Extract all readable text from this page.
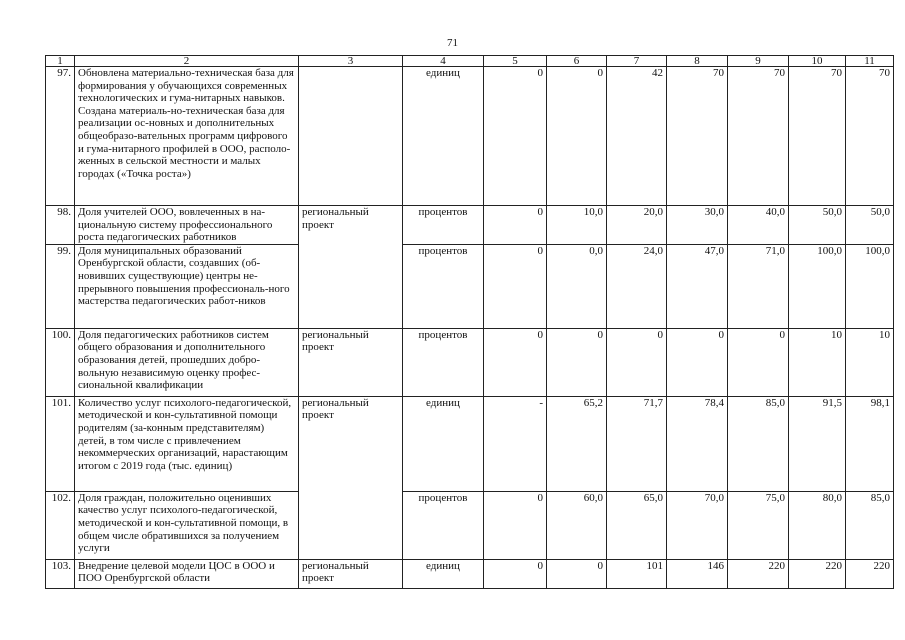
71
1	2	3	4	5	6	7	8	9	10	11
97.	Обновлена материально-техническая база для формирования у обучающихся современных технологических и гума-нитарных навыков. Создана материаль-но-техническая база для реализации ос-новных и дополнительных общеобразо-вательных программ цифрового и гума-нитарного профилей в ООО, располо-женных в сельской местности и малых городах («Точка роста»)		единиц	0	0	42	70	70	70	70
98.	Доля учителей ООО, вовлеченных в на-циональную систему профессионального роста педагогических работников	региональный проект	процентов	0	10,0	20,0	30,0	40,0	50,0	50,0
99.	Доля муниципальных образований Оренбургской области, создавших (об-новивших существующие) центры не-прерывного повышения профессиональ-ного мастерства педагогических работ-ников		процентов	0	0,0	24,0	47,0	71,0	100,0	100,0
100.	Доля педагогических работников систем общего образования и дополнительного образования детей, прошедших добро-вольную независимую оценку профес-сиональной квалификации	региональный проект	процентов	0	0	0	0	0	10	10
101.	Количество услуг психолого-педагогической, методической и кон-сультативной помощи родителям (за-конным представителям) детей, в том числе с привлечением некоммерческих организаций, нарастающим итогом с 2019 года (тыс. единиц)	региональный проект	единиц	-	65,2	71,7	78,4	85,0	91,5	98,1
102.	Доля граждан, положительно оценивших качество услуг психолого-педагогической, методической и кон-сультативной помощи, в общем числе обратившихся за получением услуги		процентов	0	60,0	65,0	70,0	75,0	80,0	85,0
103.	Внедрение целевой модели ЦОС в ООО и ПОО Оренбургской области	региональный проект	единиц	0	0	101	146	220	220	220
